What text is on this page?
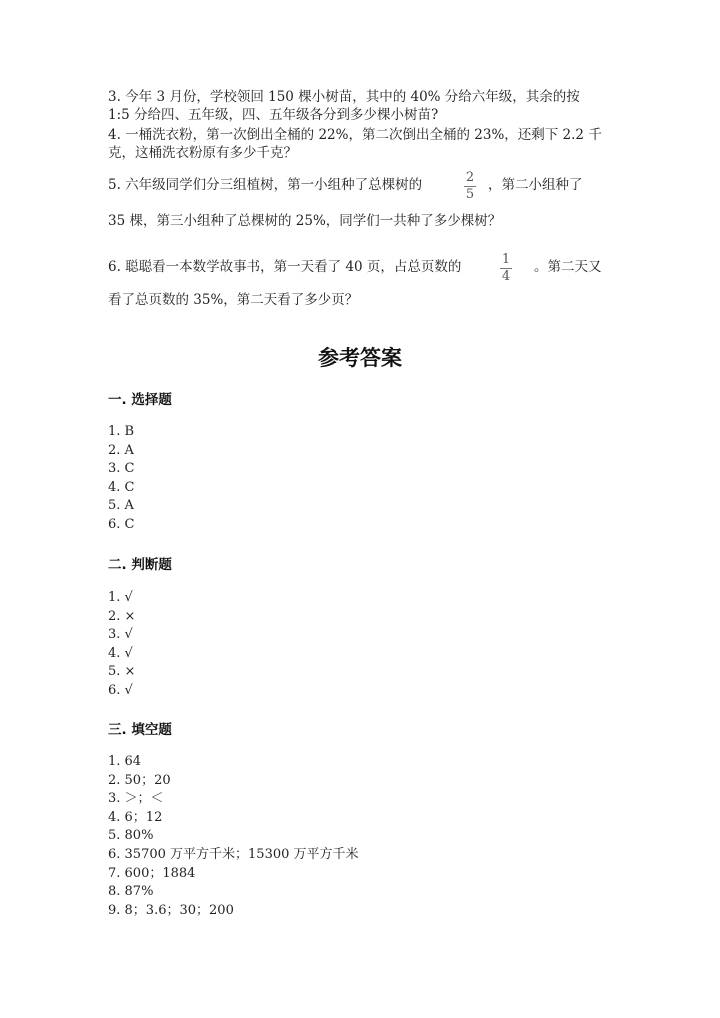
3. 今年 3 月份，学校领回 150 棵小树苗，其中的 40% 分给六年级，其余的按
1:5 分给四、五年级，四、五年级各分到多少棵小树苗?
4. 一桶洗衣粉，第一次倒出全桶的 22%，第二次倒出全桶的 23%，还剩下 2.2 千
克，这桶洗衣粉原有多少千克？
5. 六年级同学们分三组植树，第一小组种了总棵树的	2
5
，第二小组种了
35 棵，第三小组种了总棵树的 25%，同学们一共种了多少棵树？
6. 聪聪看一本数学故事书，第一天看了 40 页，占总页数的	1
4
。第二天又
看了总页数的 35%，第二天看了多少页？
参考答案
一. 选择题
1. B
2. A
3. C
4. C
5. A
6. C
二. 判断题
1. √
2. ×
3. √
4. √
5. ×
6. √
三. 填空题
1. 64
2. 50；20
3. ＞；＜
4. 6；12
5. 80%
6. 35700 万平方千米；15300 万平方千米
7. 600；1884
8. 87%
9. 8；3.6；30；200
